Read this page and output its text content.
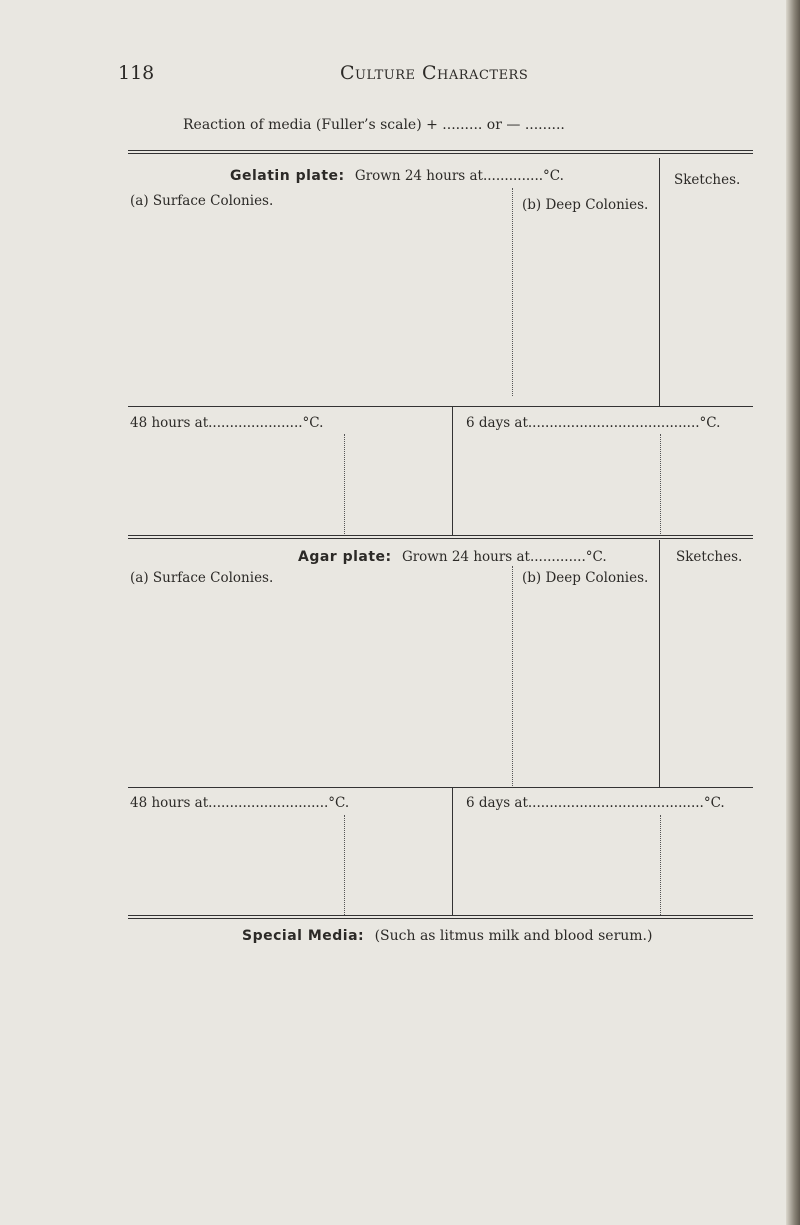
118	Culture Characters
Reaction of media (Fuller’s scale) + ......... or — .........
Gelatin plate: Grown 24 hours at..............°C.	Sketches.
(a) Surface Colonies.	(b) Deep Colonies.
48 hours at......................°C.	6 days at........................................°C.
Agar plate: Grown 24 hours at.............°C.	Sketches.
(a) Surface Colonies.	(b) Deep Colonies.
48 hours at............................°C.	6 days at.........................................°C.
Special Media: (Such as litmus milk and blood serum.)
